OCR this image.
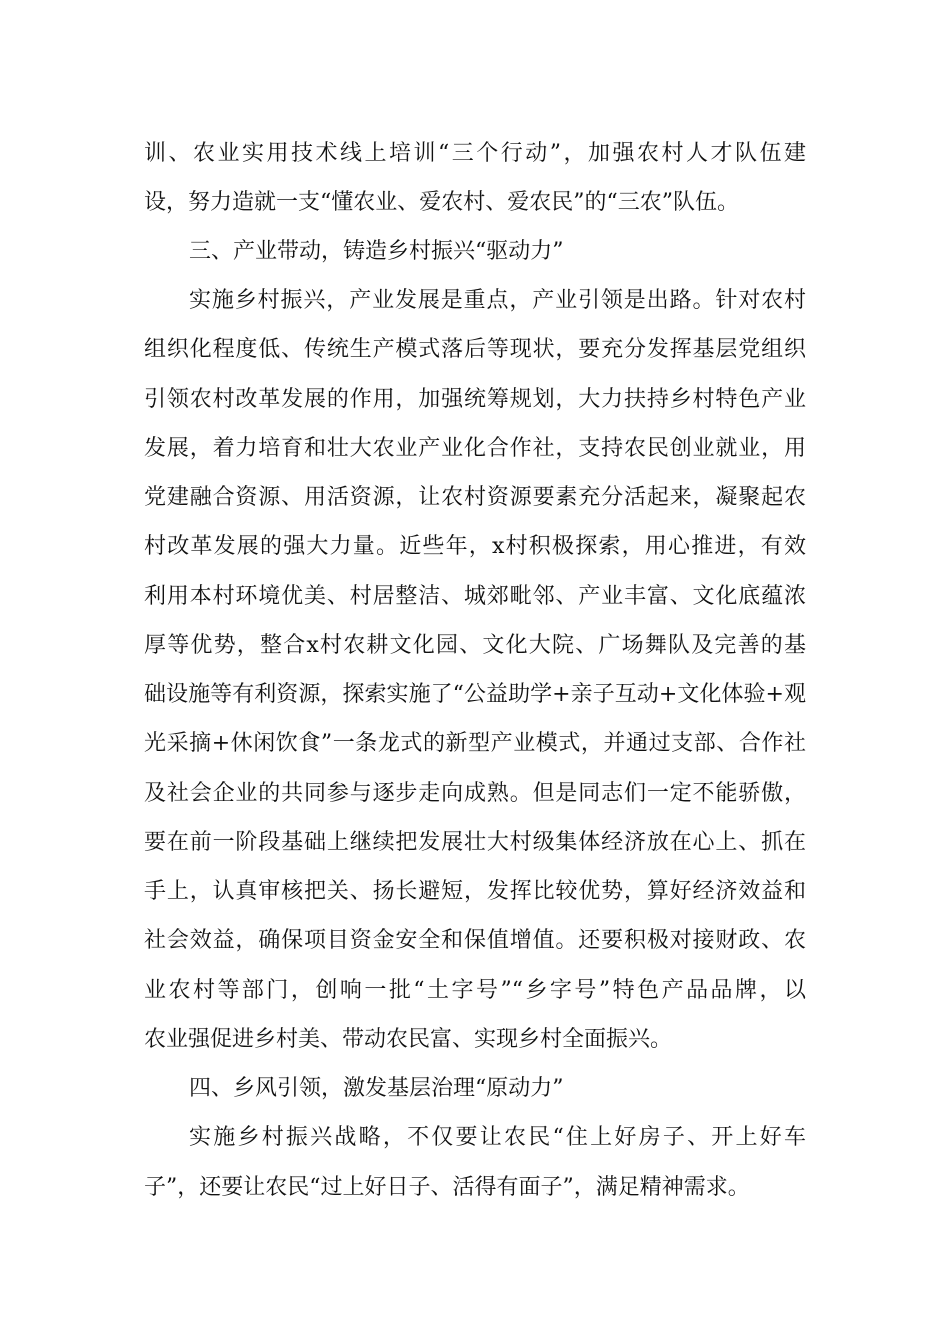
训、农业实用技术线上培训“三个行动”，加强农村人才队伍建
设，努力造就一支“懂农业、爱农村、爱农民”的“三农”队伍。
三、产业带动，铸造乡村振兴“驱动力”
实施乡村振兴，产业发展是重点，产业引领是出路。针对农村
组织化程度低、传统生产模式落后等现状，要充分发挥基层党组织
引领农村改革发展的作用，加强统筹规划，大力扶持乡村特色产业
发展，着力培育和壮大农业产业化合作社，支持农民创业就业，用
党建融合资源、用活资源，让农村资源要素充分活起来，凝聚起农
村改革发展的强大力量。近些年，x村积极探索，用心推进，有效
利用本村环境优美、村居整洁、城郊毗邻、产业丰富、文化底蕴浓
厚等优势，整合x村农耕文化园、文化大院、广场舞队及完善的基
础设施等有利资源，探索实施了“公益助学+亲子互动+文化体验+观
光采摘+休闲饮食”一条龙式的新型产业模式，并通过支部、合作社
及社会企业的共同参与逐步走向成熟。但是同志们一定不能骄傲，
要在前一阶段基础上继续把发展壮大村级集体经济放在心上、抓在
手上，认真审核把关、扬长避短，发挥比较优势，算好经济效益和
社会效益，确保项目资金安全和保值增值。还要积极对接财政、农
业农村等部门，创响一批“土字号”“乡字号”特色产品品牌，以
农业强促进乡村美、带动农民富、实现乡村全面振兴。
四、乡风引领，激发基层治理“原动力”
实施乡村振兴战略，不仅要让农民“住上好房子、开上好车
子”，还要让农民“过上好日子、活得有面子”，满足精神需求。
